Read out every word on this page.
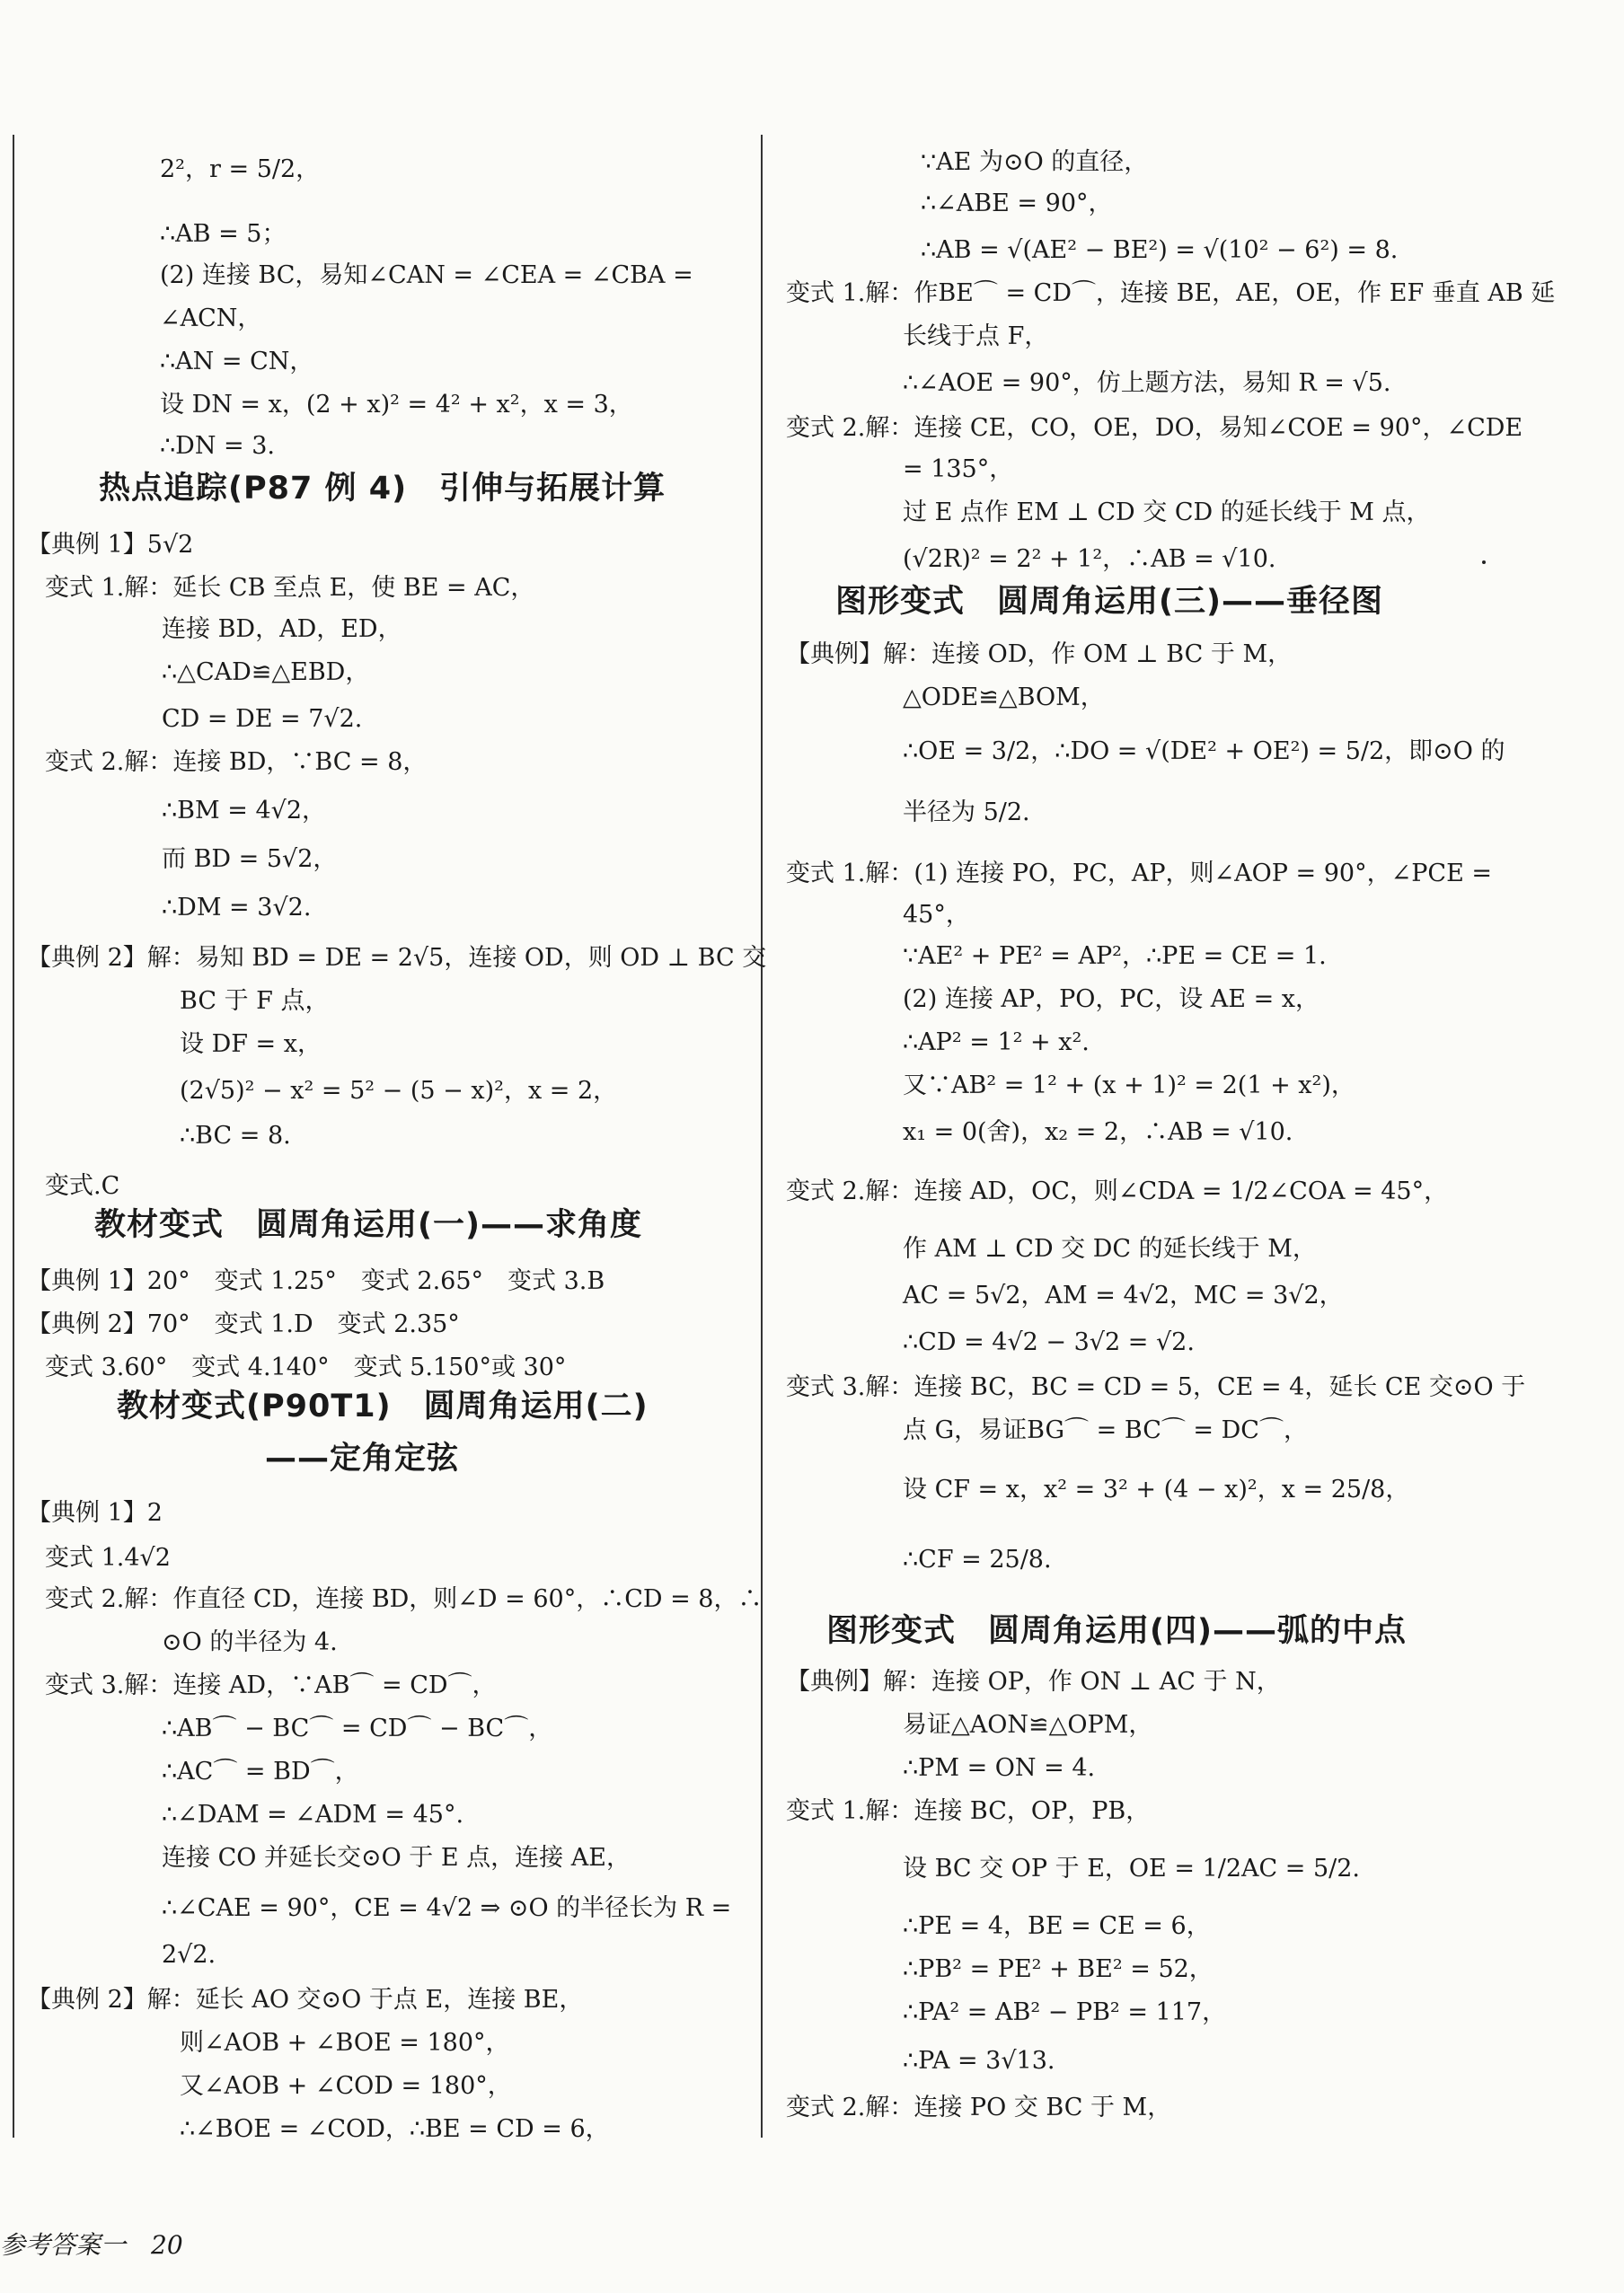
2²，r = 5/2，
∴AB = 5；
(2) 连接 BC，易知∠CAN = ∠CEA = ∠CBA =
∠ACN，
∴AN = CN，
设 DN = x，(2 + x)² = 4² + x²，x = 3，
∴DN = 3.
热点追踪(P87 例 4)　引伸与拓展计算
【典例 1】5√2
变式 1.解：延长 CB 至点 E，使 BE = AC，
连接 BD，AD，ED，
∴△CAD≌△EBD，
CD = DE = 7√2.
变式 2.解：连接 BD，∵BC = 8，
∴BM = 4√2，
而 BD = 5√2，
∴DM = 3√2.
【典例 2】解：易知 BD = DE = 2√5，连接 OD，则 OD ⊥ BC 交
BC 于 F 点，
设 DF = x，
(2√5)² − x² = 5² − (5 − x)²，x = 2，
∴BC = 8.
变式.C
教材变式　圆周角运用(一)——求角度
【典例 1】20°　变式 1.25°　变式 2.65°　变式 3.B
【典例 2】70°　变式 1.D　变式 2.35°
变式 3.60°　变式 4.140°　变式 5.150°或 30°
教材变式(P90T1)　圆周角运用(二)
——定角定弦
【典例 1】2
变式 1.4√2
变式 2.解：作直径 CD，连接 BD，则∠D = 60°，∴CD = 8，∴
⊙O 的半径为 4.
变式 3.解：连接 AD，∵AB⌒ = CD⌒，
∴AB⌒ − BC⌒ = CD⌒ − BC⌒，
∴AC⌒ = BD⌒，
∴∠DAM = ∠ADM = 45°.
连接 CO 并延长交⊙O 于 E 点，连接 AE，
∴∠CAE = 90°，CE = 4√2 ⇒ ⊙O 的半径长为 R =
2√2.
【典例 2】解：延长 AO 交⊙O 于点 E，连接 BE，
则∠AOB + ∠BOE = 180°，
又∠AOB + ∠COD = 180°，
∴∠BOE = ∠COD，∴BE = CD = 6，
∵AE 为⊙O 的直径，
∴∠ABE = 90°，
∴AB = √(AE² − BE²) = √(10² − 6²) = 8.
变式 1.解：作BE⌒ = CD⌒，连接 BE，AE，OE，作 EF 垂直 AB 延
长线于点 F，
∴∠AOE = 90°，仿上题方法，易知 R = √5.
变式 2.解：连接 CE，CO，OE，DO，易知∠COE = 90°，∠CDE
= 135°，
过 E 点作 EM ⊥ CD 交 CD 的延长线于 M 点，
(√2R)² = 2² + 1²，∴AB = √10.
图形变式　圆周角运用(三)——垂径图
【典例】解：连接 OD，作 OM ⊥ BC 于 M，
△ODE≌△BOM，
∴OE = 3/2，∴DO = √(DE² + OE²) = 5/2，即⊙O 的
半径为 5/2.
变式 1.解：(1) 连接 PO，PC，AP，则∠AOP = 90°，∠PCE =
45°，
∵AE² + PE² = AP²，∴PE = CE = 1.
(2) 连接 AP，PO，PC，设 AE = x，
∴AP² = 1² + x².
又∵AB² = 1² + (x + 1)² = 2(1 + x²)，
x₁ = 0(舍)，x₂ = 2，∴AB = √10.
变式 2.解：连接 AD，OC，则∠CDA = 1/2∠COA = 45°，
作 AM ⊥ CD 交 DC 的延长线于 M，
AC = 5√2，AM = 4√2，MC = 3√2，
∴CD = 4√2 − 3√2 = √2.
变式 3.解：连接 BC，BC = CD = 5，CE = 4，延长 CE 交⊙O 于
点 G，易证BG⌒ = BC⌒ = DC⌒，
设 CF = x，x² = 3² + (4 − x)²，x = 25/8，
∴CF = 25/8.
图形变式　圆周角运用(四)——弧的中点
【典例】解：连接 OP，作 ON ⊥ AC 于 N，
易证△AON≌△OPM，
∴PM = ON = 4.
变式 1.解：连接 BC，OP，PB，
设 BC 交 OP 于 E，OE = 1/2AC = 5/2.
∴PE = 4，BE = CE = 6，
∴PB² = PE² + BE² = 52，
∴PA² = AB² − PB² = 117，
∴PA = 3√13.
变式 2.解：连接 PO 交 BC 于 M，
参考答案一　20
